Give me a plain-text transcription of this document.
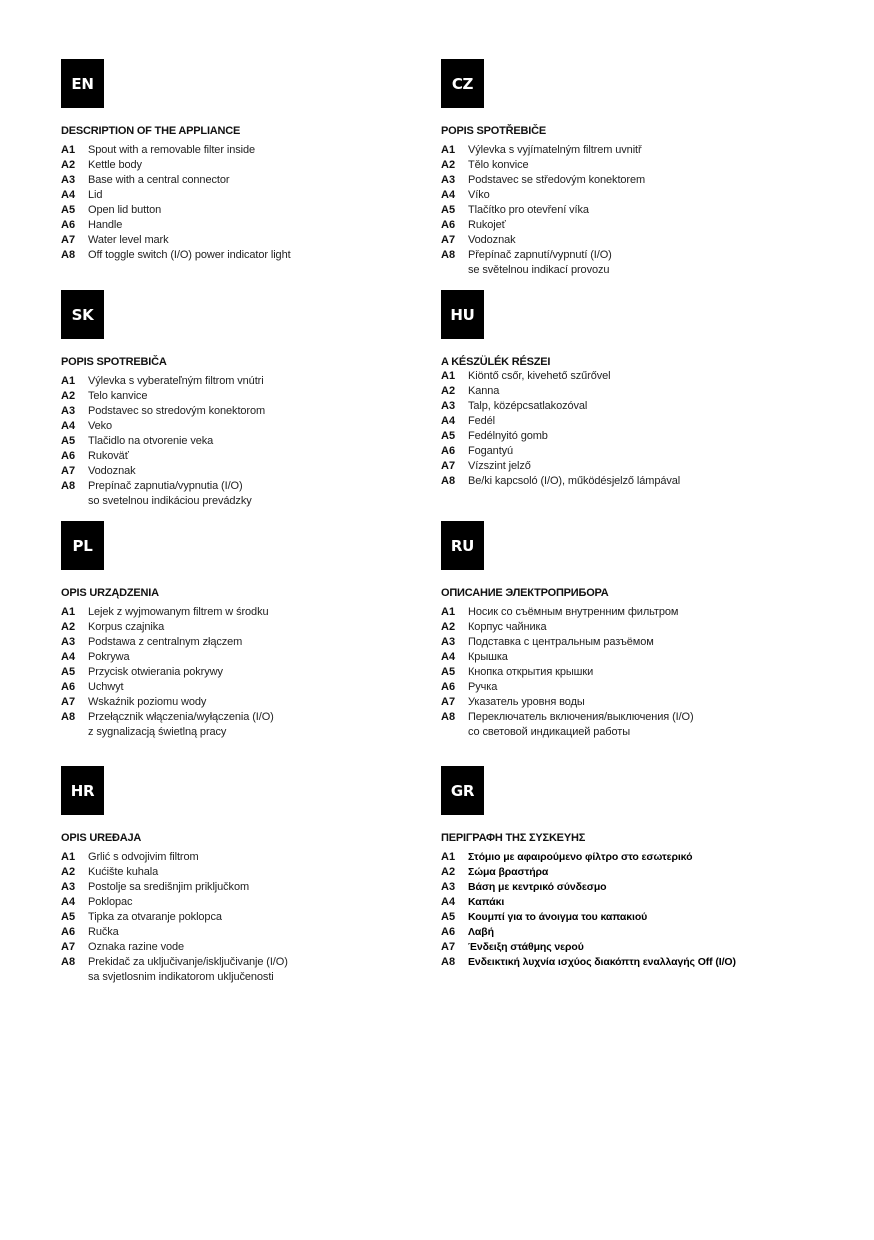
EN
DESCRIPTION OF THE APPLIANCE
A1	Spout with a removable filter inside
A2	Kettle body
A3	Base with a central connector
A4	Lid
A5	Open lid button
A6	Handle
A7	Water level mark
A8	Off toggle switch (I/O) power indicator light
CZ
POPIS SPOTŘEBIČE
A1	Výlevka s vyjímatelným filtrem uvnitř
A2	Tělo konvice
A3	Podstavec se středovým konektorem
A4	Víko
A5	Tlačítko pro otevření víka
A6	Rukojeť
A7	Vodoznak
A8	Přepínač zapnutí/vypnutí (I/O)
se světelnou indikací provozu
SK
POPIS SPOTREBIČA
A1	Výlevka s vyberateľným filtrom vnútri
A2	Telo kanvice
A3	Podstavec so stredovým konektorom
A4	Veko
A5	Tlačidlo na otvorenie veka
A6	Rukoväť
A7	Vodoznak
A8	Prepínač zapnutia/vypnutia (I/O)
so svetelnou indikáciou prevádzky
HU
A KÉSZÜLÉK RÉSZEI
A1	Kiöntő csőr, kivehető szűrővel
A2	Kanna
A3	Talp, középcsatlakozóval
A4	Fedél
A5	Fedélnyitó gomb
A6	Fogantyú
A7	Vízszint jelző
A8	Be/ki kapcsoló (I/O), működésjelző lámpával
PL
OPIS URZĄDZENIA
A1	Lejek z wyjmowanym filtrem w środku
A2	Korpus czajnika
A3	Podstawa z centralnym złączem
A4	Pokrywa
A5	Przycisk otwierania pokrywy
A6	Uchwyt
A7	Wskaźnik poziomu wody
A8	Przełącznik włączenia/wyłączenia (I/O)
z sygnalizacją świetlną pracy
RU
ОПИСАНИЕ ЭЛЕКТРОПРИБОРА
A1	Носик со съёмным внутренним фильтром
A2	Корпус чайника
A3	Подставка с центральным разъёмом
A4	Крышка
A5	Кнопка открытия крышки
A6	Ручка
A7	Указатель уровня воды
A8	Переключатель включения/выключения (I/O)
со световой индикацией работы
HR
OPIS UREĐAJA
A1	Grlić s odvojivim filtrom
A2	Kućište kuhala
A3	Postolje sa središnjim priključkom
A4	Poklopac
A5	Tipka za otvaranje poklopca
A6	Ručka
A7	Oznaka razine vode
A8	Prekidač za uključivanje/isključivanje (I/O)
sa svjetlosnim indikatorom uključenosti
GR
ΠΕΡΙΓΡΑΦΗ ΤΗΣ ΣΥΣΚΕΥΗΣ
A1	Στόμιο με αφαιρούμενο φίλτρο στο εσωτερικό
A2	Σώμα βραστήρα
A3	Βάση με κεντρικό σύνδεσμο
A4	Καπάκι
A5	Κουμπί για το άνοιγμα του καπακιού
A6	Λαβή
A7	Ένδειξη στάθμης νερού
A8	Ενδεικτική λυχνία ισχύος διακόπτη εναλλαγής Off (I/O)
